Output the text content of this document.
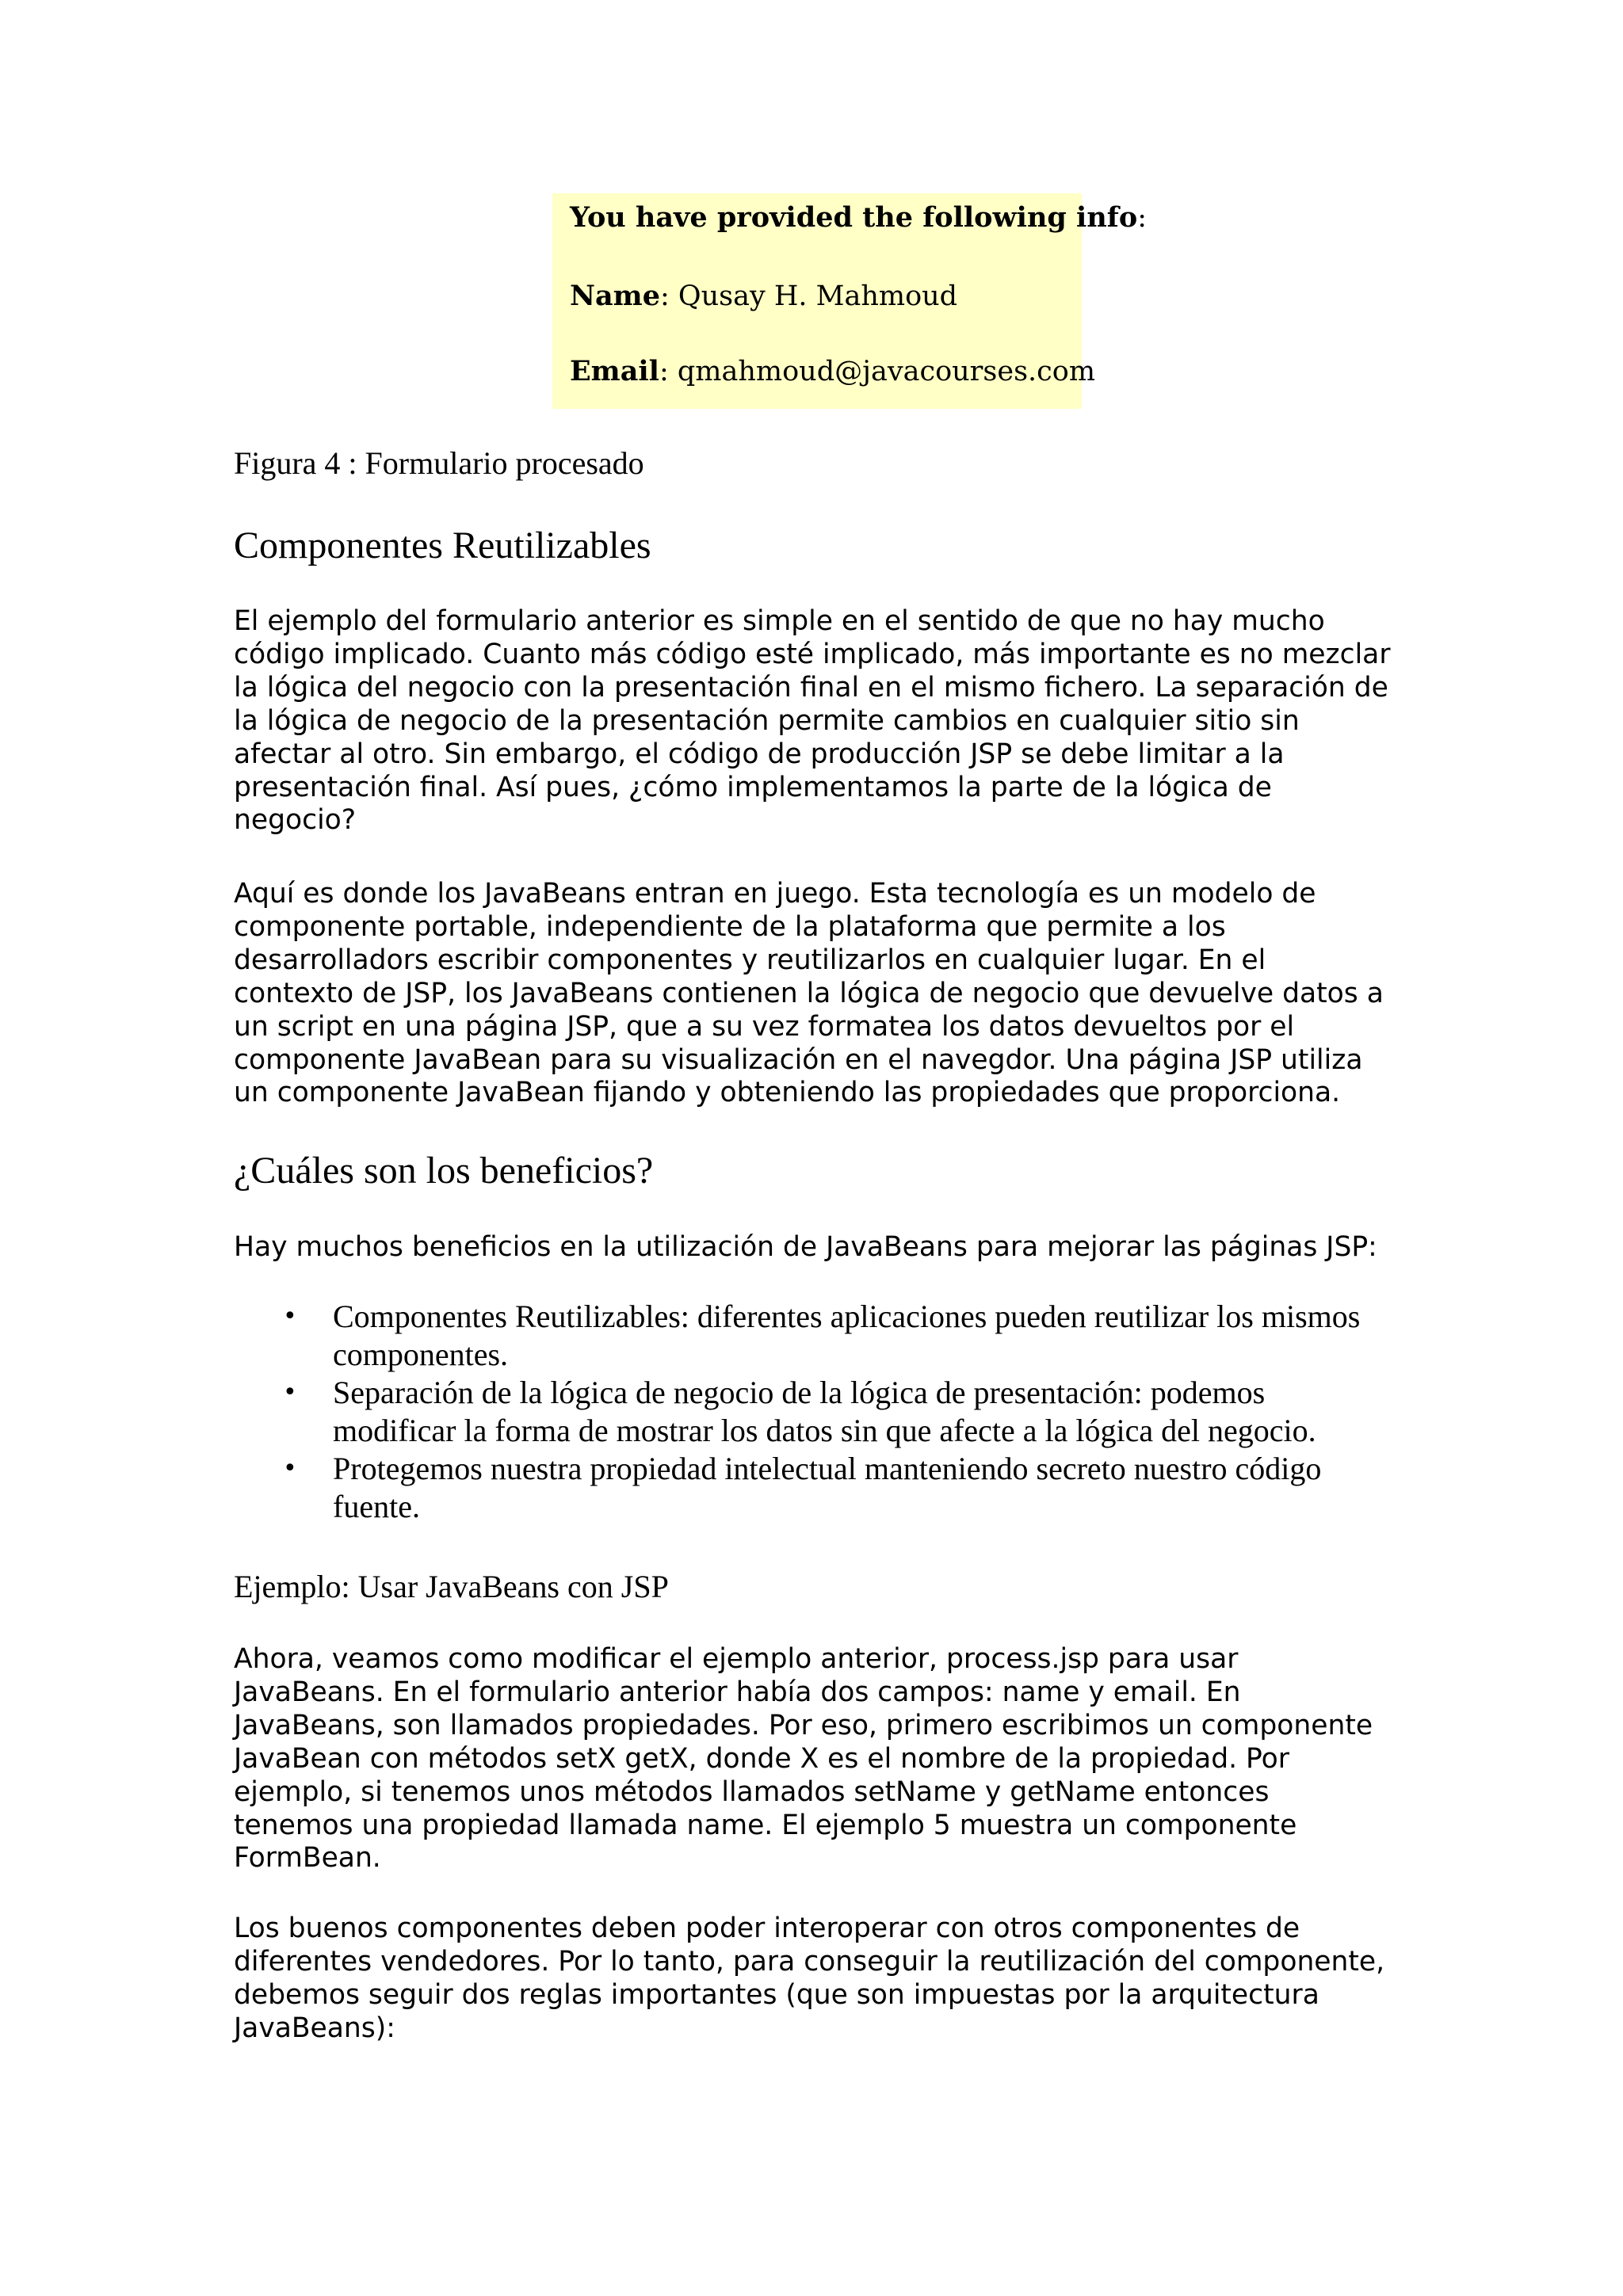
You have provided the following info:

Name: Qusay H. Mahmoud

Email: qmahmoud@javacourses.com

Figura 4 : Formulario procesado
Componentes Reutilizables

El ejemplo del formulario anterior es simple en el sentido de que no hay mucho
código implicado. Cuanto más código esté implicado, más importante es no mezclar
la lógica del negocio con la presentación final en el mismo fichero. La separación de
la lógica de negocio de la presentación permite cambios en cualquier sitio sin
afectar al otro. Sin embargo, el código de producción JSP se debe limitar a la
presentación final. Así pues, ¿cómo implementamos la parte de la lógica de
negocio?

Aquí es donde los JavaBeans entran en juego. Esta tecnología es un modelo de
componente portable, independiente de la plataforma que permite a los
desarrolladors escribir componentes y reutilizarlos en cualquier lugar. En el
contexto de JSP, los JavaBeans contienen la lógica de negocio que devuelve datos a
un script en una página JSP, que a su vez formatea los datos devueltos por el
componente JavaBean para su visualización en el navegdor. Una página JSP utiliza
un componente JavaBean fijando y obteniendo las propiedades que proporciona.

¿Cuáles son los beneficios?

Hay muchos beneficios en la utilización de JavaBeans para mejorar las páginas JSP:

• Componentes Reutilizables: diferentes aplicaciones pueden reutilizar los mismos
componentes.
• Separación de la lógica de negocio de la lógica de presentación: podemos
modificar la forma de mostrar los datos sin que afecte a la lógica del negocio.
• Protegemos nuestra propiedad intelectual manteniendo secreto nuestro código
fuente.
Ejemplo: Usar JavaBeans con JSP

Ahora, veamos como modificar el ejemplo anterior, process.jsp para usar
JavaBeans. En el formulario anterior había dos campos: name y email. En
JavaBeans, son llamados propiedades. Por eso, primero escribimos un componente
JavaBean con métodos setX getX, donde X es el nombre de la propiedad. Por
ejemplo, si tenemos unos métodos llamados setName y getName entonces
tenemos una propiedad llamada name. El ejemplo 5 muestra un componente
FormBean.

Los buenos componentes deben poder interoperar con otros componentes de
diferentes vendedores. Por lo tanto, para conseguir la reutilización del componente,
debemos seguir dos reglas importantes (que son impuestas por la arquitectura
JavaBeans):
